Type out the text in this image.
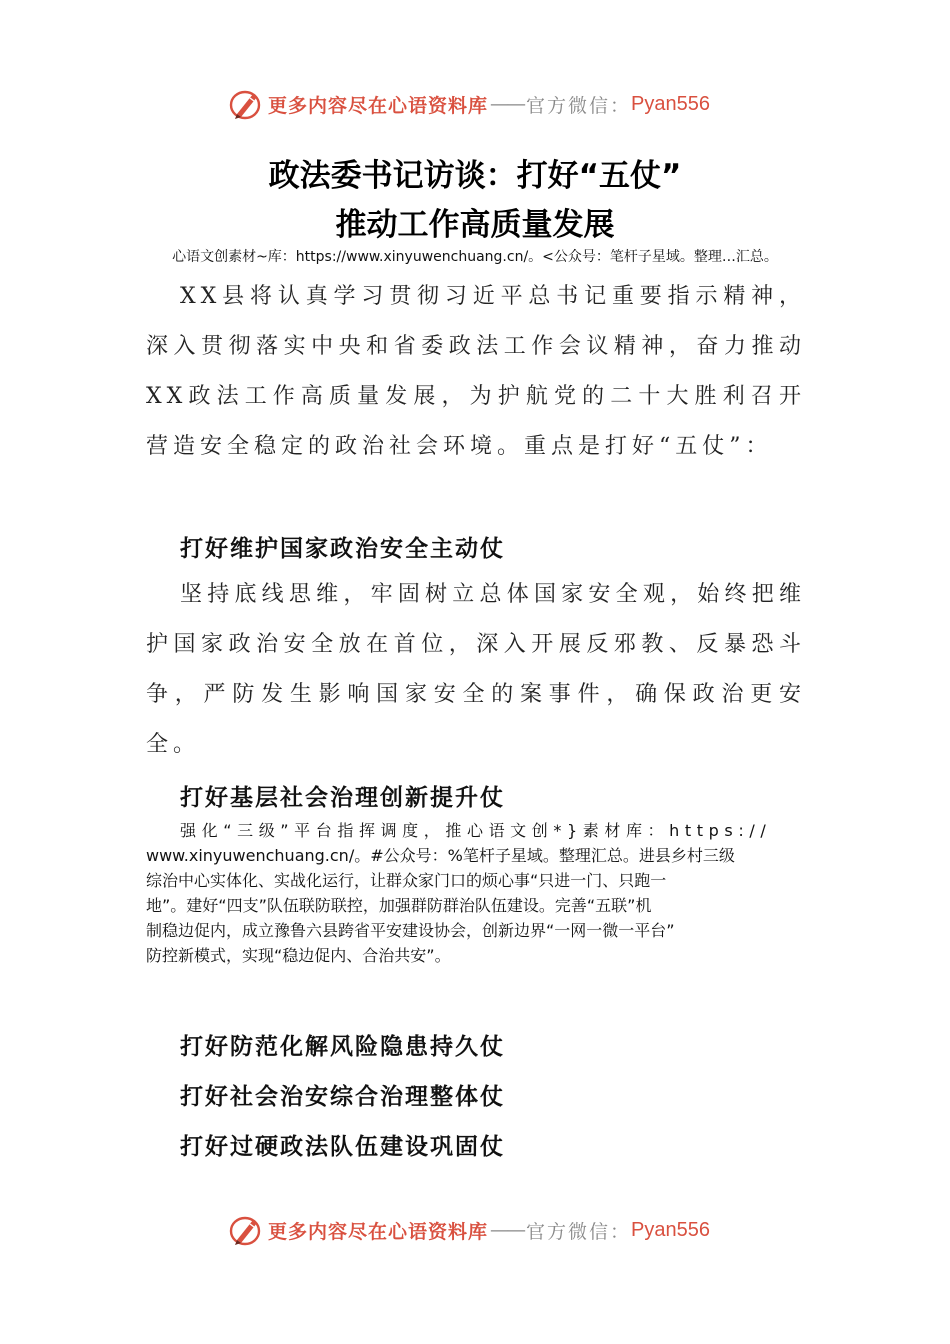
更多内容尽在心语资料库 —— 官方微信： Pyan556
政法委书记访谈：打好“五仗”
推动工作高质量发展
心语文创素材~库：https://www.xinyuwenchuang.cn/。<公众号：笔杆子星域。整理…汇总。
XX县将认真学习贯彻习近平总书记重要指示精神，深入贯彻落实中央和省委政法工作会议精神，奋力推动XX政法工作高质量发展，为护航党的二十大胜利召开营造安全稳定的政治社会环境。重点是打好“五仗”：
打好维护国家政治安全主动仗
坚持底线思维，牢固树立总体国家安全观，始终把维护国家政治安全放在首位，深入开展反邪教、反暴恐斗争，严防发生影响国家安全的案事件，确保政治更安全。
打好基层社会治理创新提升仗
强化“三级”平台指挥调度，推心语文创*}素材库：https://
www.xinyuwenchuang.cn/。#公众号：%笔杆子星域。整理汇总。进县乡村三级
综治中心实体化、实战化运行，让群众家门口的烦心事“只进一门、只跑一
地”。建好“四支”队伍联防联控，加强群防群治队伍建设。完善“五联”机
制稳边促内，成立豫鲁六县跨省平安建设协会，创新边界“一网一微一平台”
防控新模式，实现“稳边促内、合治共安”。
打好防范化解风险隐患持久仗
打好社会治安综合治理整体仗
打好过硬政法队伍建设巩固仗
更多内容尽在心语资料库 —— 官方微信： Pyan556
